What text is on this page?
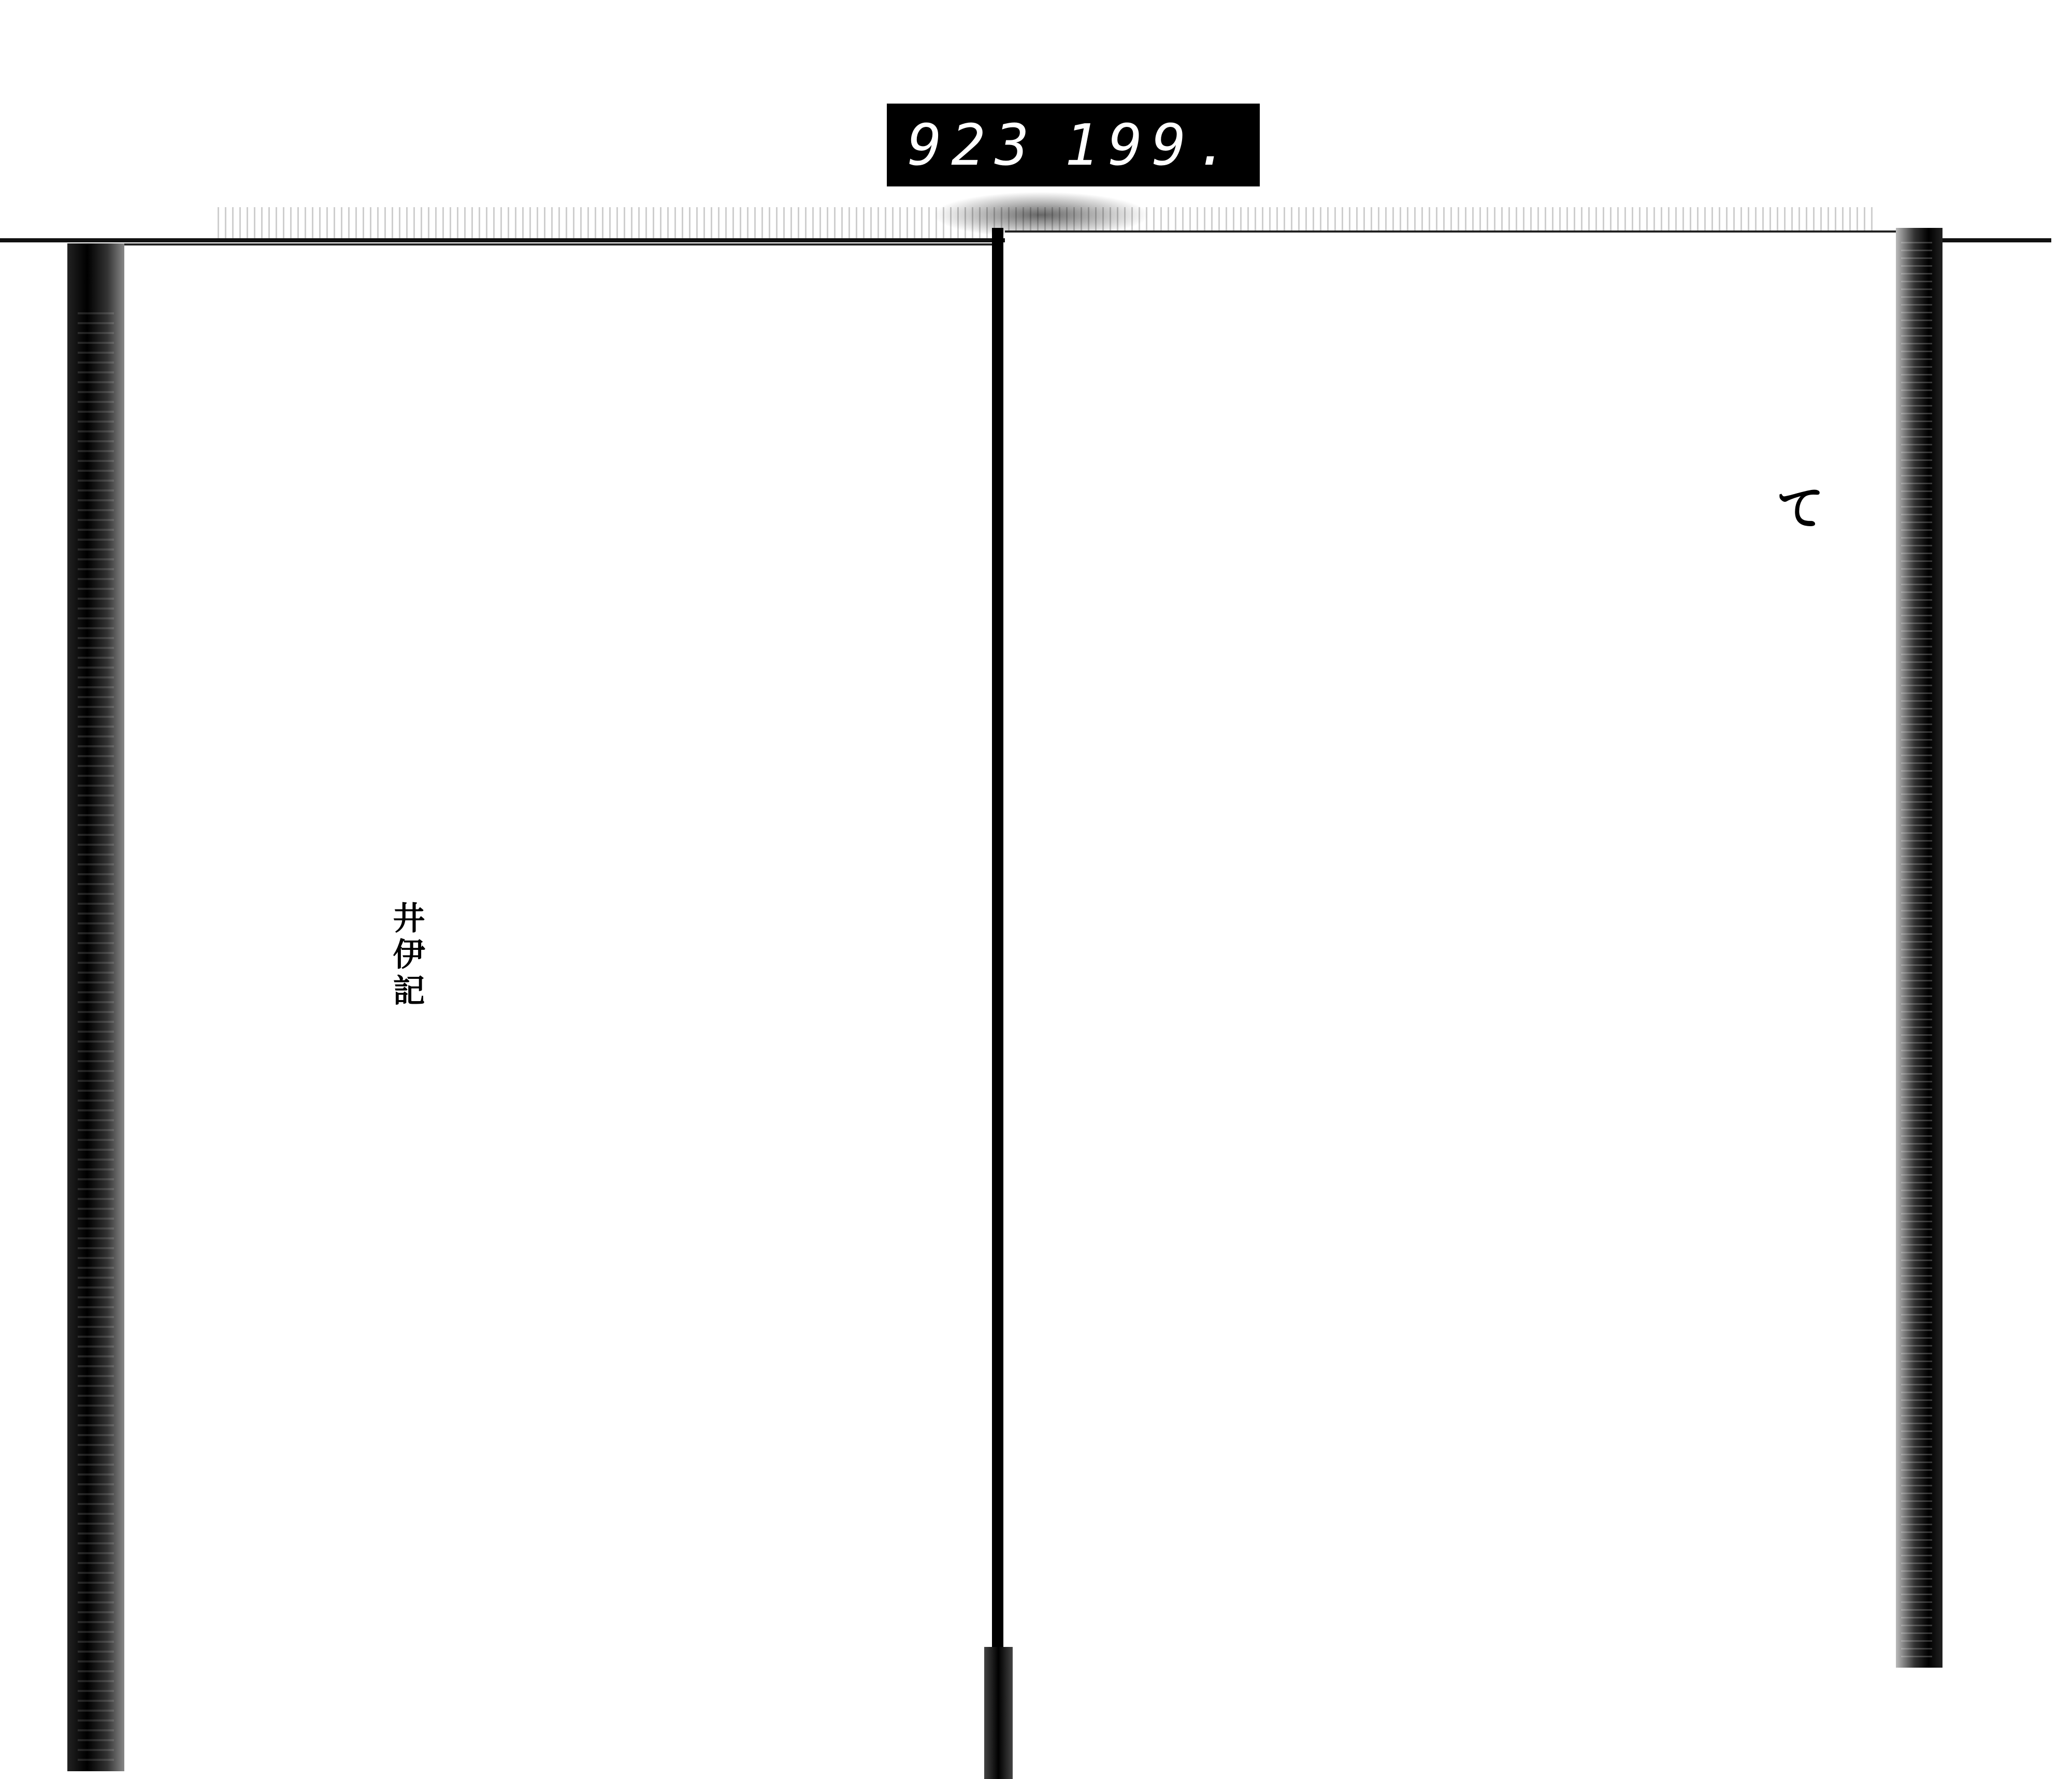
923 199.
て
井伊記
